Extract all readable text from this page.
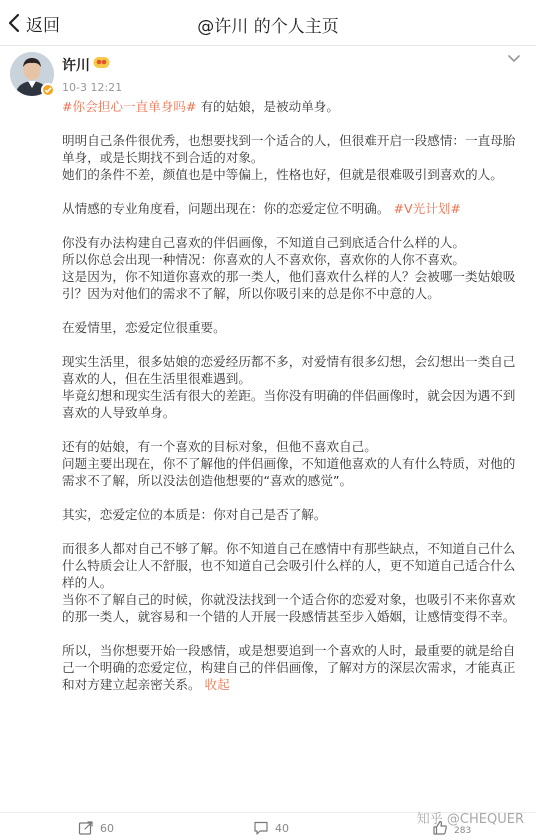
返回	@许川 的个人主页
许川
10-3 12:21

#你会担心一直单身吗# 有的姑娘，是被动单身。

明明自己条件很优秀，也想要找到一个适合的人，但很难开启一段感情：一直母胎单身，或是长期找不到合适的对象。

她们的条件不差，颜值也是中等偏上，性格也好，但就是很难吸引到喜欢的人。

从情感的专业角度看，问题出现在：你的恋爱定位不明确。 #V光计划#

你没有办法构建自己喜欢的伴侣画像，不知道自己到底适合什么样的人。

所以你总会出现一种情况：你喜欢的人不喜欢你，喜欢你的人你不喜欢。

这是因为，你不知道你喜欢的那一类人，他们喜欢什么样的人？会被哪一类姑娘吸引？因为对他们的需求不了解，所以你吸引来的总是你不中意的人。

在爱情里，恋爱定位很重要。

现实生活里，很多姑娘的恋爱经历都不多，对爱情有很多幻想，会幻想出一类自己喜欢的人，但在生活里很难遇到。

毕竟幻想和现实生活有很大的差距。当你没有明确的伴侣画像时，就会因为遇不到喜欢的人导致单身。

还有的姑娘，有一个喜欢的目标对象，但他不喜欢自己。

问题主要出现在，你不了解他的伴侣画像，不知道他喜欢的人有什么特质，对他的需求不了解，所以没法创造他想要的“喜欢的感觉”。

其实，恋爱定位的本质是：你对自己是否了解。

而很多人都对自己不够了解。你不知道自己在感情中有那些缺点，不知道自己什么什么特质会让人不舒服，也不知道自己会吸引什么样的人，更不知道自己适合什么样的人。

当你不了解自己的时候，你就没法找到一个适合你的恋爱对象，也吸引不来你喜欢的那一类人，就容易和一个错的人开展一段感情甚至步入婚姻，让感情变得不幸。

所以，当你想要开始一段感情，或是想要追到一个喜欢的人时，最重要的就是给自己一个明确的恋爱定位，构建自己的伴侣画像，了解对方的深层次需求，才能真正和对方建立起亲密关系。 收起

60	40	283
知乎 @CHEQUER
